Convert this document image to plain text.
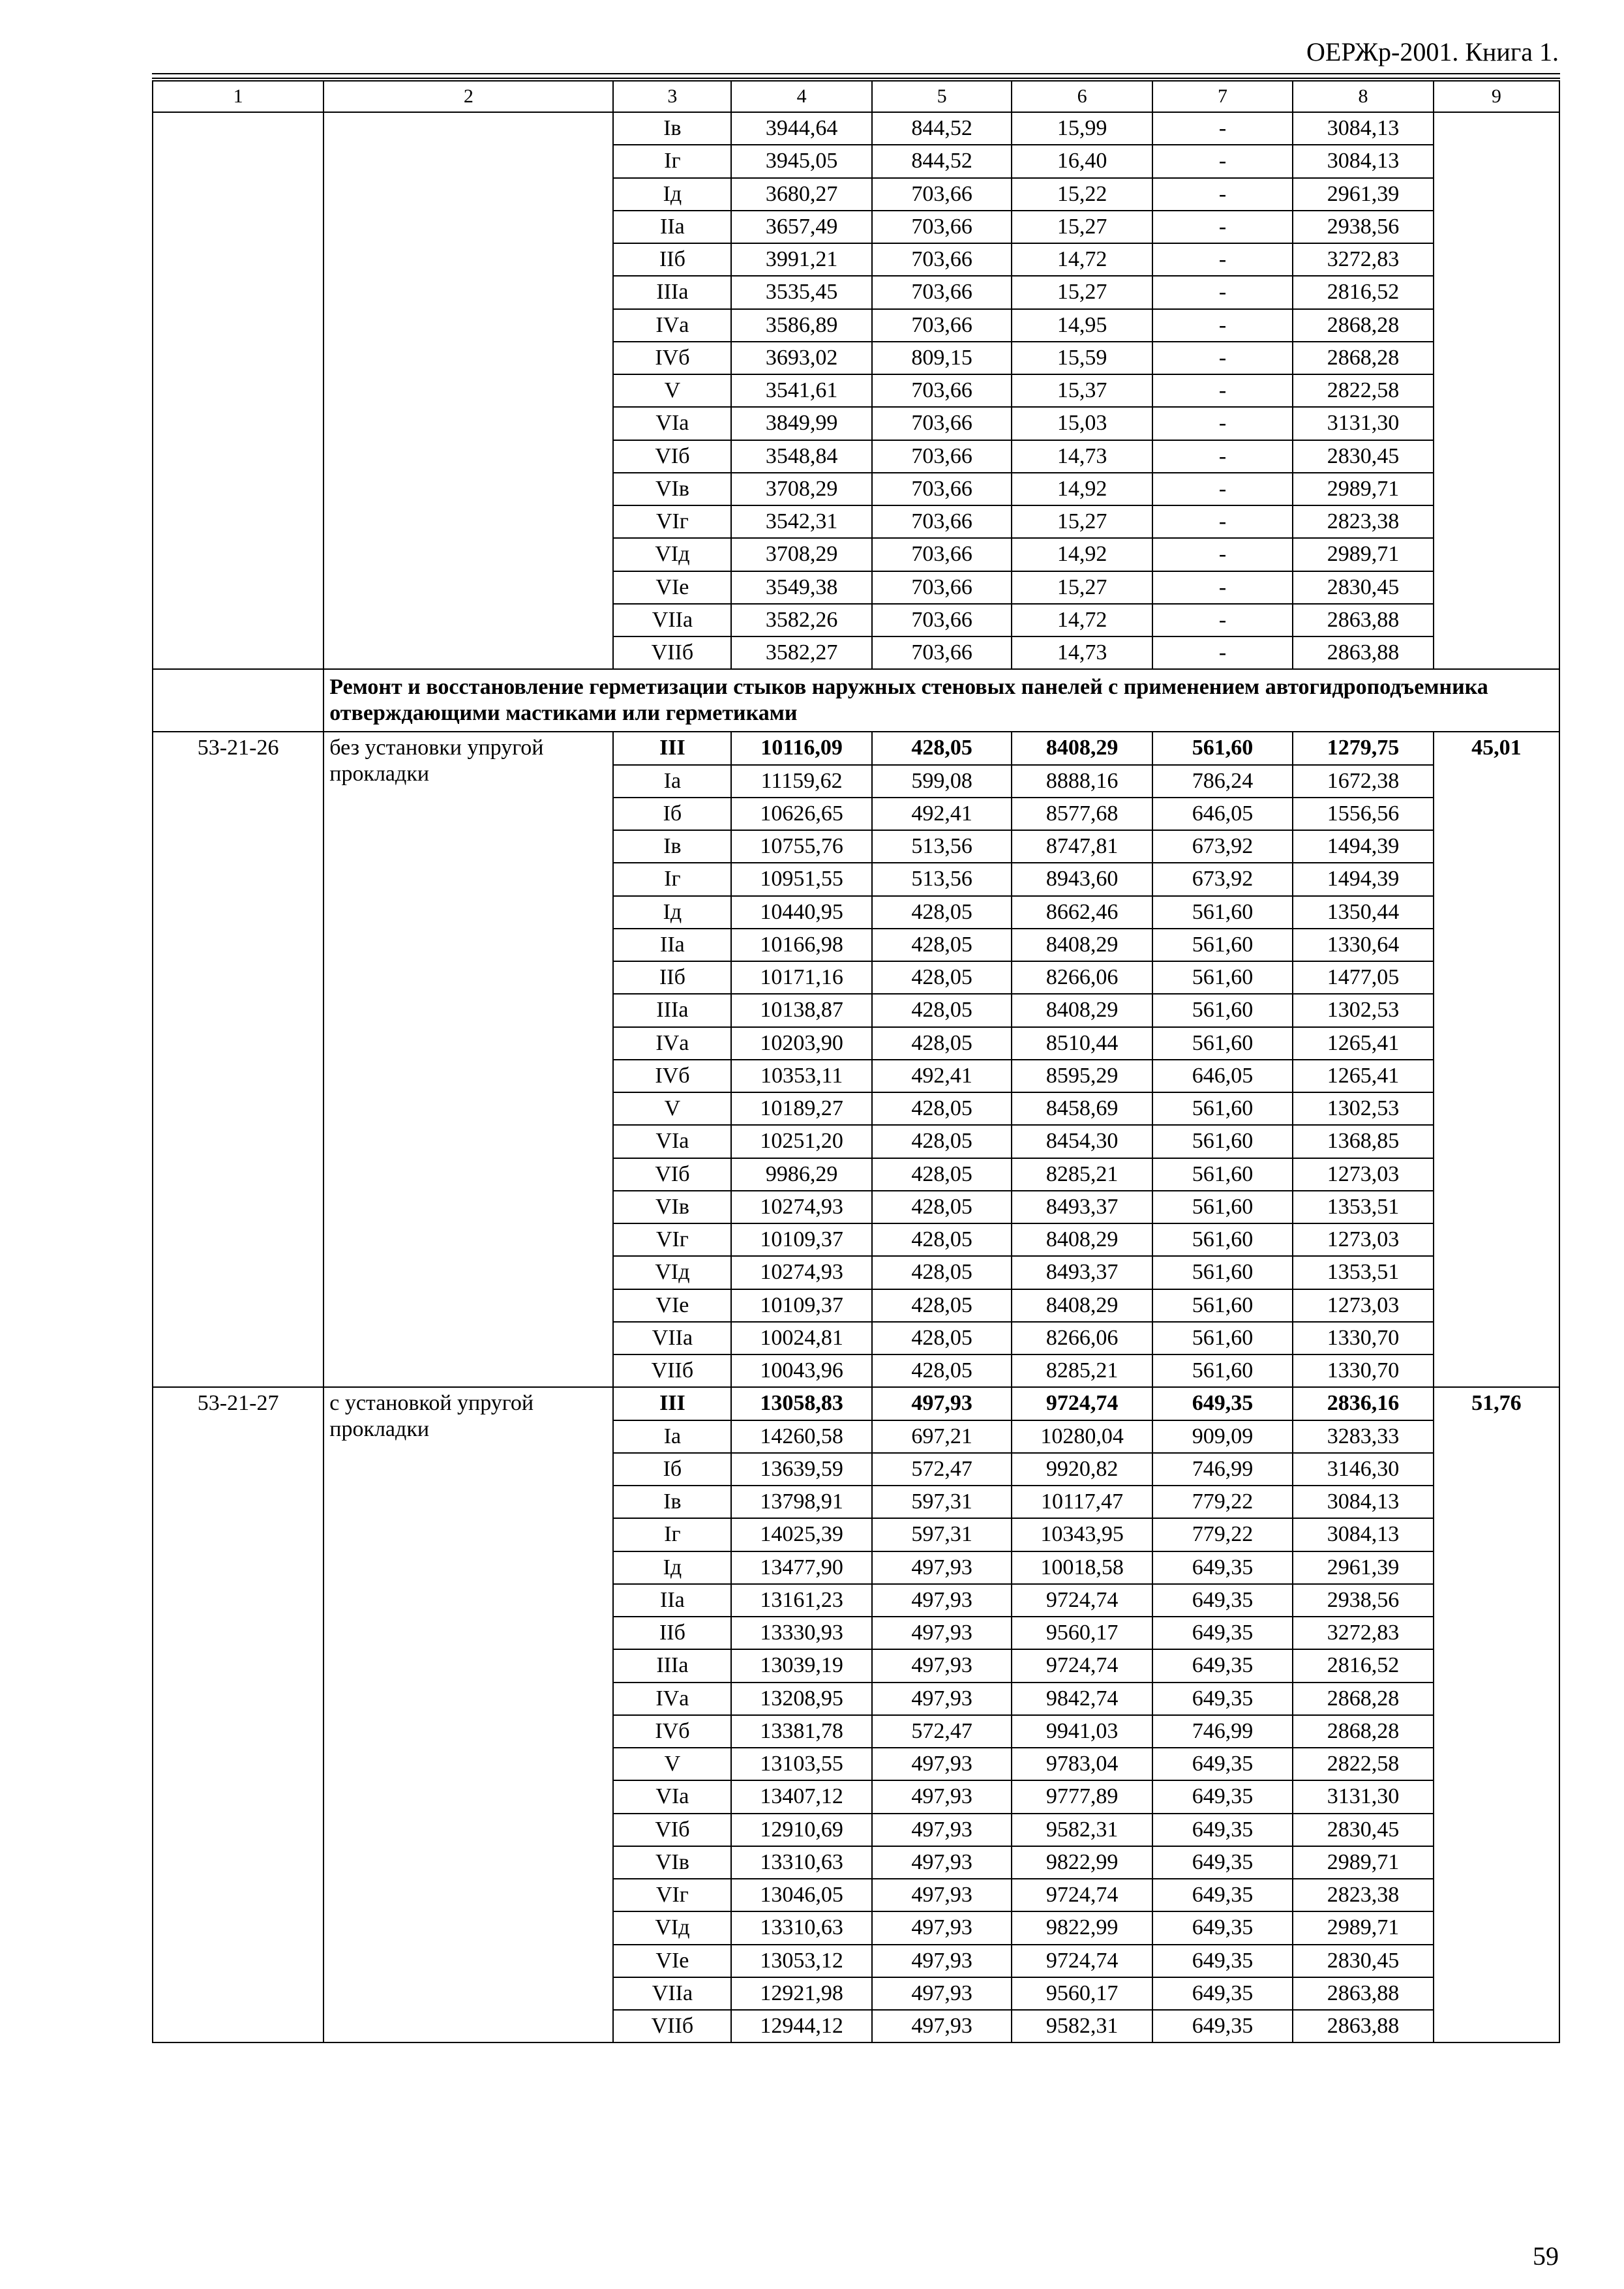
ОЕРЖр-2001. Книга 1.
1	2	3	4	5	6	7	8	9
		Iв	3944,64	844,52	15,99	-	3084,13	
		Iг	3945,05	844,52	16,40	-	3084,13	
		Iд	3680,27	703,66	15,22	-	2961,39	
		IIа	3657,49	703,66	15,27	-	2938,56	
		IIб	3991,21	703,66	14,72	-	3272,83	
		IIIа	3535,45	703,66	15,27	-	2816,52	
		IVа	3586,89	703,66	14,95	-	2868,28	
		IVб	3693,02	809,15	15,59	-	2868,28	
		V	3541,61	703,66	15,37	-	2822,58	
		VIа	3849,99	703,66	15,03	-	3131,30	
		VIб	3548,84	703,66	14,73	-	2830,45	
		VIв	3708,29	703,66	14,92	-	2989,71	
		VIг	3542,31	703,66	15,27	-	2823,38	
		VIд	3708,29	703,66	14,92	-	2989,71	
		VIе	3549,38	703,66	15,27	-	2830,45	
		VIIа	3582,26	703,66	14,72	-	2863,88	
		VIIб	3582,27	703,66	14,73	-	2863,88	
	Ремонт и восстановление герметизации стыков наружных стеновых панелей с применением автогидроподъемника отверждающими мастиками или герметиками							
53-21-26	без установки упругой прокладки	III	10116,09	428,05	8408,29	561,60	1279,75	45,01
		Iа	11159,62	599,08	8888,16	786,24	1672,38	
		Iб	10626,65	492,41	8577,68	646,05	1556,56	
		Iв	10755,76	513,56	8747,81	673,92	1494,39	
		Iг	10951,55	513,56	8943,60	673,92	1494,39	
		Iд	10440,95	428,05	8662,46	561,60	1350,44	
		IIа	10166,98	428,05	8408,29	561,60	1330,64	
		IIб	10171,16	428,05	8266,06	561,60	1477,05	
		IIIа	10138,87	428,05	8408,29	561,60	1302,53	
		IVа	10203,90	428,05	8510,44	561,60	1265,41	
		IVб	10353,11	492,41	8595,29	646,05	1265,41	
		V	10189,27	428,05	8458,69	561,60	1302,53	
		VIа	10251,20	428,05	8454,30	561,60	1368,85	
		VIб	9986,29	428,05	8285,21	561,60	1273,03	
		VIв	10274,93	428,05	8493,37	561,60	1353,51	
		VIг	10109,37	428,05	8408,29	561,60	1273,03	
		VIд	10274,93	428,05	8493,37	561,60	1353,51	
		VIе	10109,37	428,05	8408,29	561,60	1273,03	
		VIIа	10024,81	428,05	8266,06	561,60	1330,70	
		VIIб	10043,96	428,05	8285,21	561,60	1330,70	
53-21-27	с установкой упругой прокладки	III	13058,83	497,93	9724,74	649,35	2836,16	51,76
		Iа	14260,58	697,21	10280,04	909,09	3283,33	
		Iб	13639,59	572,47	9920,82	746,99	3146,30	
		Iв	13798,91	597,31	10117,47	779,22	3084,13	
		Iг	14025,39	597,31	10343,95	779,22	3084,13	
		Iд	13477,90	497,93	10018,58	649,35	2961,39	
		IIа	13161,23	497,93	9724,74	649,35	2938,56	
		IIб	13330,93	497,93	9560,17	649,35	3272,83	
		IIIа	13039,19	497,93	9724,74	649,35	2816,52	
		IVа	13208,95	497,93	9842,74	649,35	2868,28	
		IVб	13381,78	572,47	9941,03	746,99	2868,28	
		V	13103,55	497,93	9783,04	649,35	2822,58	
		VIа	13407,12	497,93	9777,89	649,35	3131,30	
		VIб	12910,69	497,93	9582,31	649,35	2830,45	
		VIв	13310,63	497,93	9822,99	649,35	2989,71	
		VIг	13046,05	497,93	9724,74	649,35	2823,38	
		VIд	13310,63	497,93	9822,99	649,35	2989,71	
		VIе	13053,12	497,93	9724,74	649,35	2830,45	
		VIIа	12921,98	497,93	9560,17	649,35	2863,88	
		VIIб	12944,12	497,93	9582,31	649,35	2863,88	
59
